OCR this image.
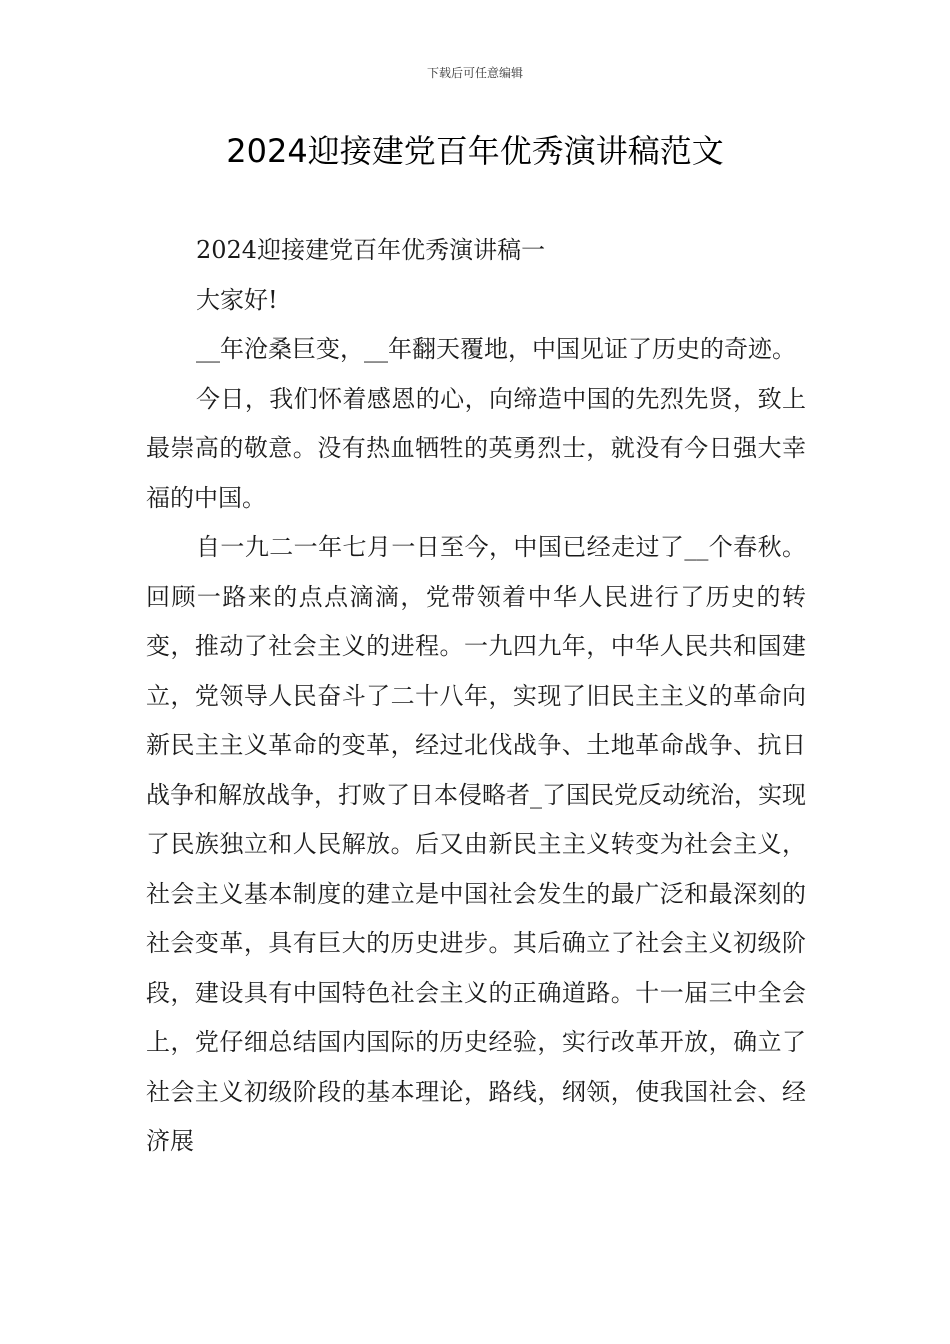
下载后可任意编辑
2024迎接建党百年优秀演讲稿范文

2024迎接建党百年优秀演讲稿一

大家好!

__年沧桑巨变，__年翻天覆地，中国见证了历史的奇迹。

今日，我们怀着感恩的心，向缔造中国的先烈先贤，致上最崇高的敬意。没有热血牺牲的英勇烈士，就没有今日强大幸福的中国。

自一九二一年七月一日至今，中国已经走过了__个春秋。回顾一路来的点点滴滴，党带领着中华人民进行了历史的转变，推动了社会主义的进程。一九四九年，中华人民共和国建立，党领导人民奋斗了二十八年，实现了旧民主主义的革命向新民主主义革命的变革，经过北伐战争、土地革命战争、抗日战争和解放战争，打败了日本侵略者_了国民党反动统治，实现了民族独立和人民解放。后又由新民主主义转变为社会主义，社会主义基本制度的建立是中国社会发生的最广泛和最深刻的社会变革，具有巨大的历史进步。其后确立了社会主义初级阶段，建设具有中国特色社会主义的正确道路。十一届三中全会上，党仔细总结国内国际的历史经验，实行改革开放，确立了社会主义初级阶段的基本理论，路线，纲领，使我国社会、经济展
